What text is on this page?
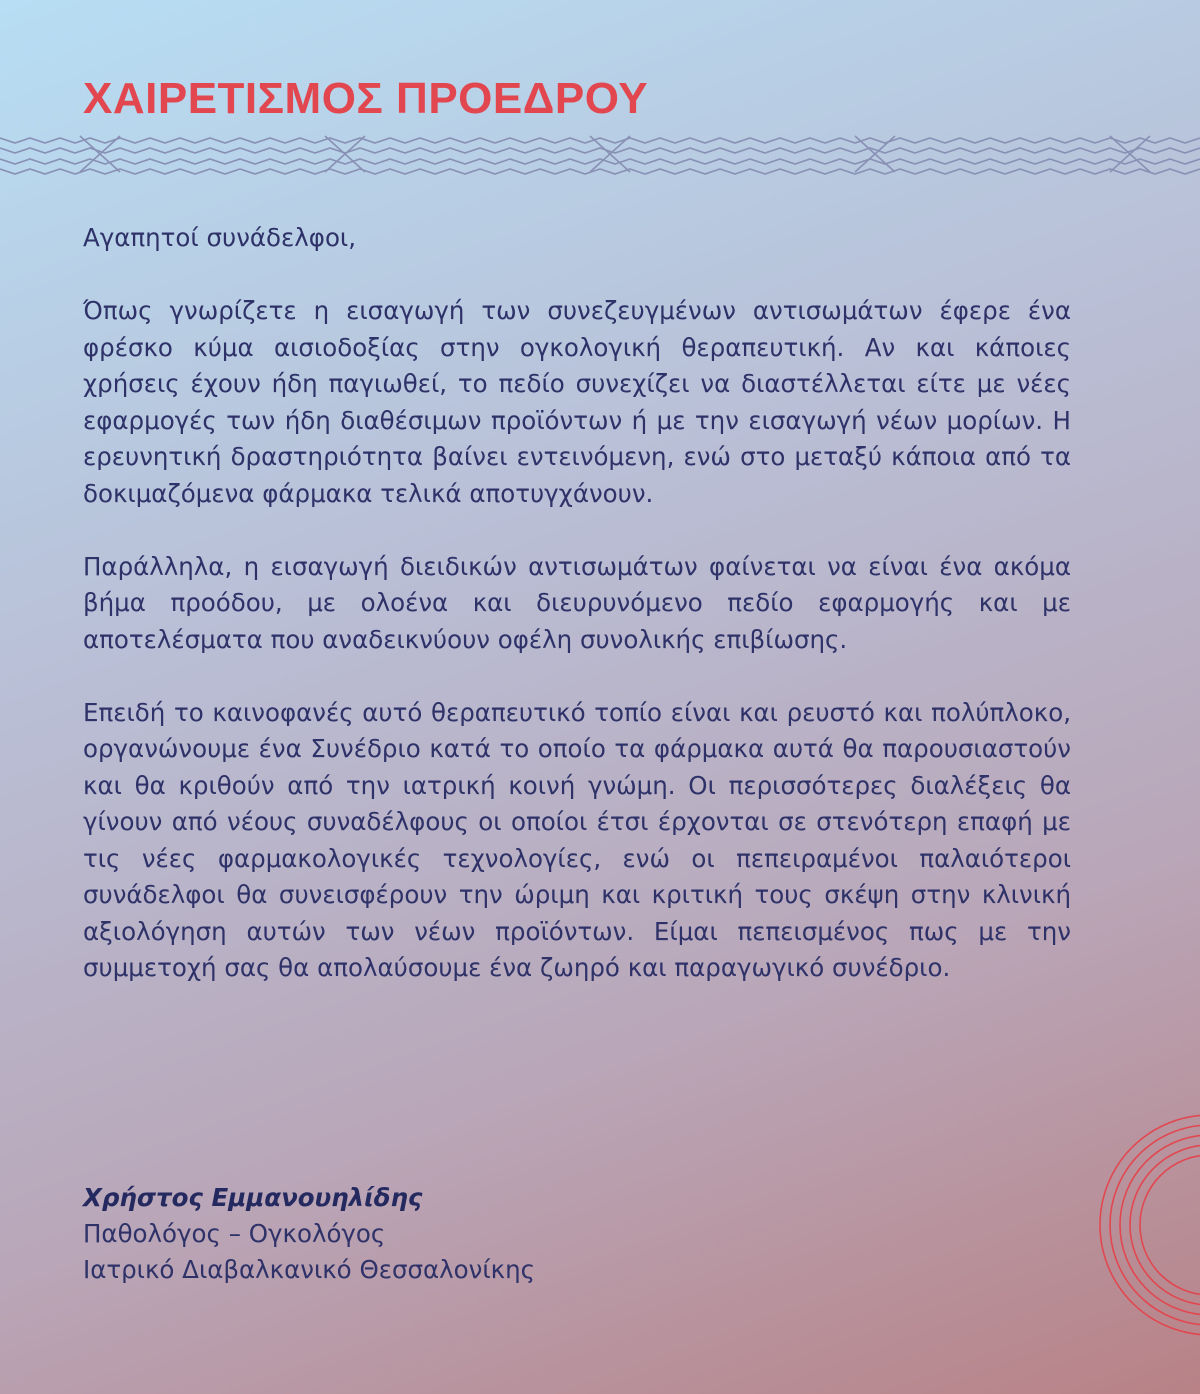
ΧΑΙΡΕΤΙΣΜΟΣ ΠΡΟΕΔΡΟΥ

Αγαπητοί συνάδελφοι,

Όπως γνωρίζετε η εισαγωγή των συνεζευγμένων αντισωμάτων έφερε ένα φρέσκο κύμα αισιοδοξίας στην ογκολογική θεραπευτική. Αν και κάποιες χρήσεις έχουν ήδη παγιωθεί, το πεδίο συνεχίζει να διαστέλλεται είτε με νέες εφαρμογές των ήδη διαθέσιμων προϊόντων ή με την εισαγωγή νέων μορίων. Η ερευνητική δραστηριότητα βαίνει εντεινόμενη, ενώ στο μεταξύ κάποια από τα δοκιμαζόμενα φάρμακα τελικά αποτυγχάνουν.

Παράλληλα, η εισαγωγή διειδικών αντισωμάτων φαίνεται να είναι ένα ακόμα βήμα προόδου, με ολοένα και διευρυνόμενο πεδίο εφαρμογής και με αποτελέσματα που αναδεικνύουν οφέλη συνολικής επιβίωσης.

Επειδή το καινοφανές αυτό θεραπευτικό τοπίο είναι και ρευστό και πολύπλοκο, οργανώνουμε ένα Συνέδριο κατά το οποίο τα φάρμακα αυτά θα παρουσιαστούν και θα κριθούν από την ιατρική κοινή γνώμη. Οι περισσότερες διαλέξεις θα γίνουν από νέους συναδέλφους οι οποίοι έτσι έρχονται σε στενότερη επαφή με τις νέες φαρμακολογικές τεχνολογίες, ενώ οι πεπειραμένοι παλαιότεροι συνάδελφοι θα συνεισφέρουν την ώριμη και κριτική τους σκέψη στην κλινική αξιολόγηση αυτών των νέων προϊόντων. Είμαι πεπεισμένος πως με την συμμετοχή σας θα απολαύσουμε ένα ζωηρό και παραγωγικό συνέδριο.

Χρήστος Εμμανουηλίδης
Παθολόγος – Ογκολόγος
Ιατρικό Διαβαλκανικό Θεσσαλονίκης
